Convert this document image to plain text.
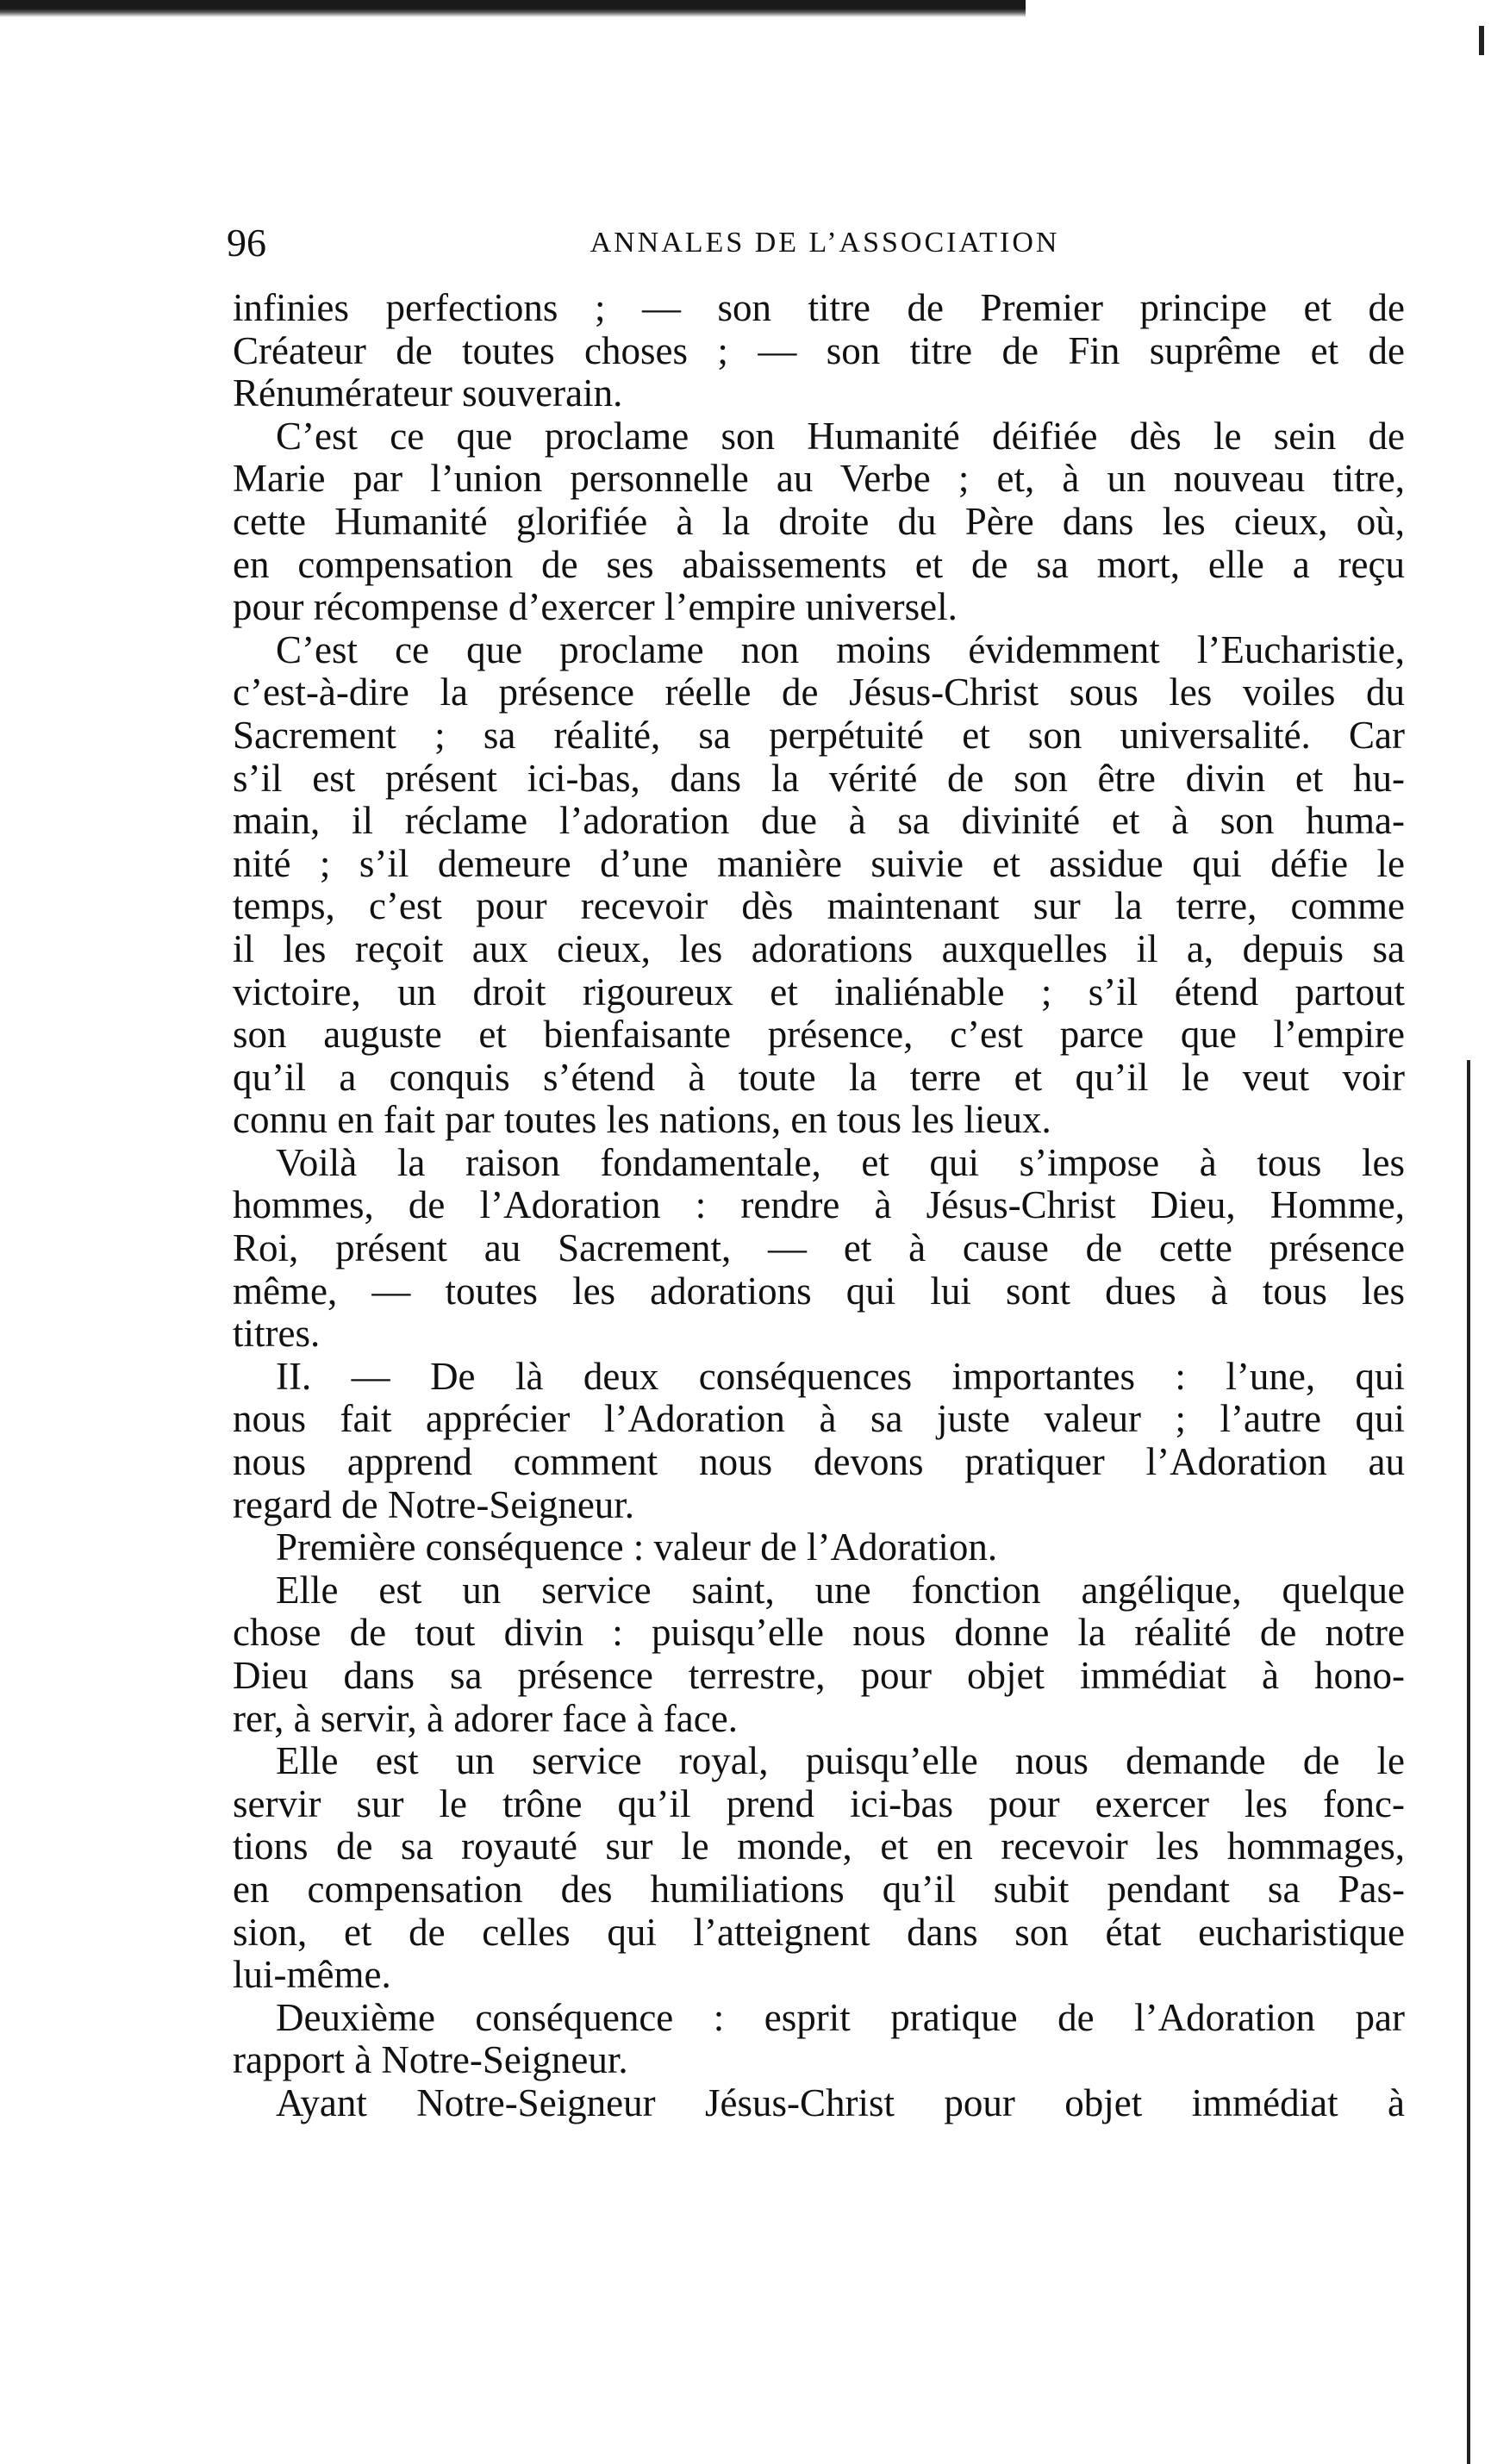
96	ANNALES DE L’ASSOCIATION
infinies perfections ; — son titre de Premier principe et de
Créateur de toutes choses ; — son titre de Fin suprême et de
Rénumérateur souverain.
C’est ce que proclame son Humanité déifiée dès le sein de
Marie par l’union personnelle au Verbe ; et, à un nouveau titre,
cette Humanité glorifiée à la droite du Père dans les cieux, où,
en compensation de ses abaissements et de sa mort, elle a reçu
pour récompense d’exercer l’empire universel.
C’est ce que proclame non moins évidemment l’Eucharistie,
c’est-à-dire la présence réelle de Jésus-Christ sous les voiles du
Sacrement ; sa réalité, sa perpétuité et son universalité. Car
s’il est présent ici-bas, dans la vérité de son être divin et hu-
main, il réclame l’adoration due à sa divinité et à son huma-
nité ; s’il demeure d’une manière suivie et assidue qui défie le
temps, c’est pour recevoir dès maintenant sur la terre, comme
il les reçoit aux cieux, les adorations auxquelles il a, depuis sa
victoire, un droit rigoureux et inaliénable ; s’il étend partout
son auguste et bienfaisante présence, c’est parce que l’empire
qu’il a conquis s’étend à toute la terre et qu’il le veut voir
connu en fait par toutes les nations, en tous les lieux.
Voilà la raison fondamentale, et qui s’impose à tous les
hommes, de l’Adoration : rendre à Jésus-Christ Dieu, Homme,
Roi, présent au Sacrement, — et à cause de cette présence
même, — toutes les adorations qui lui sont dues à tous les
titres.
II. — De là deux conséquences importantes : l’une, qui
nous fait apprécier l’Adoration à sa juste valeur ; l’autre qui
nous apprend comment nous devons pratiquer l’Adoration au
regard de Notre-Seigneur.
Première conséquence : valeur de l’Adoration.
Elle est un service saint, une fonction angélique, quelque
chose de tout divin : puisqu’elle nous donne la réalité de notre
Dieu dans sa présence terrestre, pour objet immédiat à hono-
rer, à servir, à adorer face à face.
Elle est un service royal, puisqu’elle nous demande de le
servir sur le trône qu’il prend ici-bas pour exercer les fonc-
tions de sa royauté sur le monde, et en recevoir les hommages,
en compensation des humiliations qu’il subit pendant sa Pas-
sion, et de celles qui l’atteignent dans son état eucharistique
lui-même.
Deuxième conséquence : esprit pratique de l’Adoration par
rapport à Notre-Seigneur.
Ayant Notre-Seigneur Jésus-Christ pour objet immédiat à
